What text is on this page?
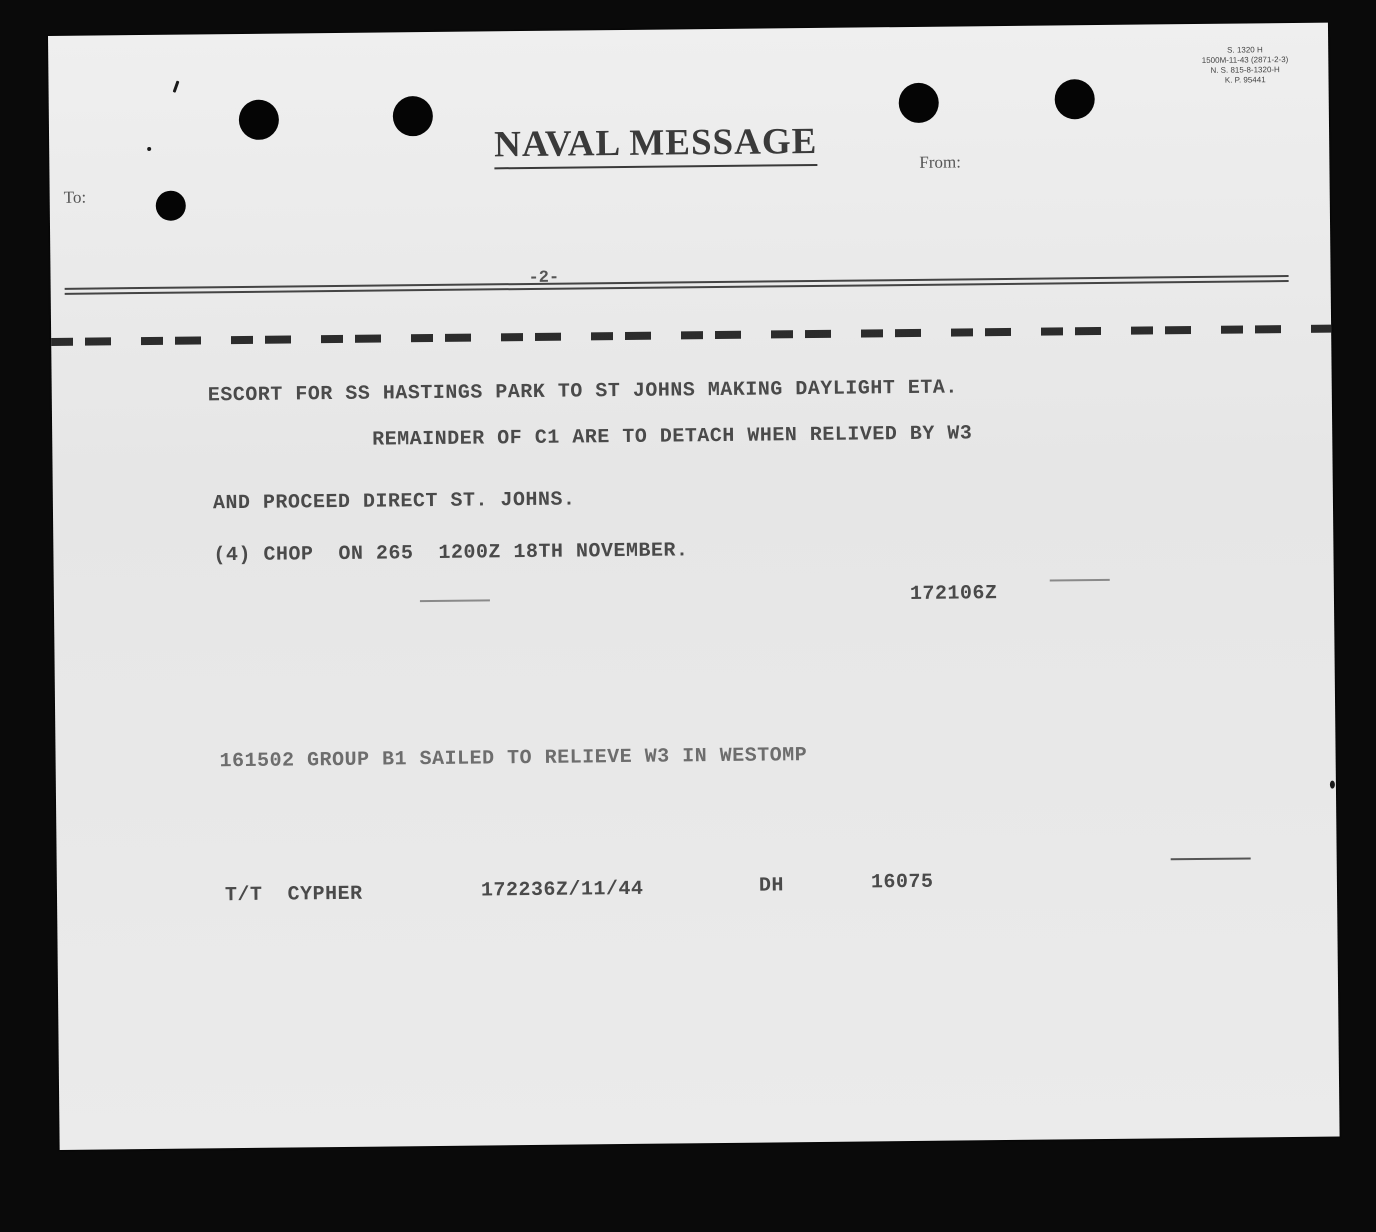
S. 1320 H
1500M-11-43 (2871-2-3)
N. S. 815-8-1320-H
K. P. 95441
NAVAL MESSAGE
To:
From:
-2-
ESCORT FOR SS HASTINGS PARK TO ST JOHNS MAKING DAYLIGHT ETA.
REMAINDER OF C1 ARE TO DETACH WHEN RELIVED BY W3
AND PROCEED DIRECT ST. JOHNS.
(4) CHOP  ON 265  1200Z 18TH NOVEMBER.
172106Z
161502 GROUP B1 SAILED TO RELIEVE W3 IN WESTOMP
T/T  CYPHER	172236Z/11/44	DH	16075
